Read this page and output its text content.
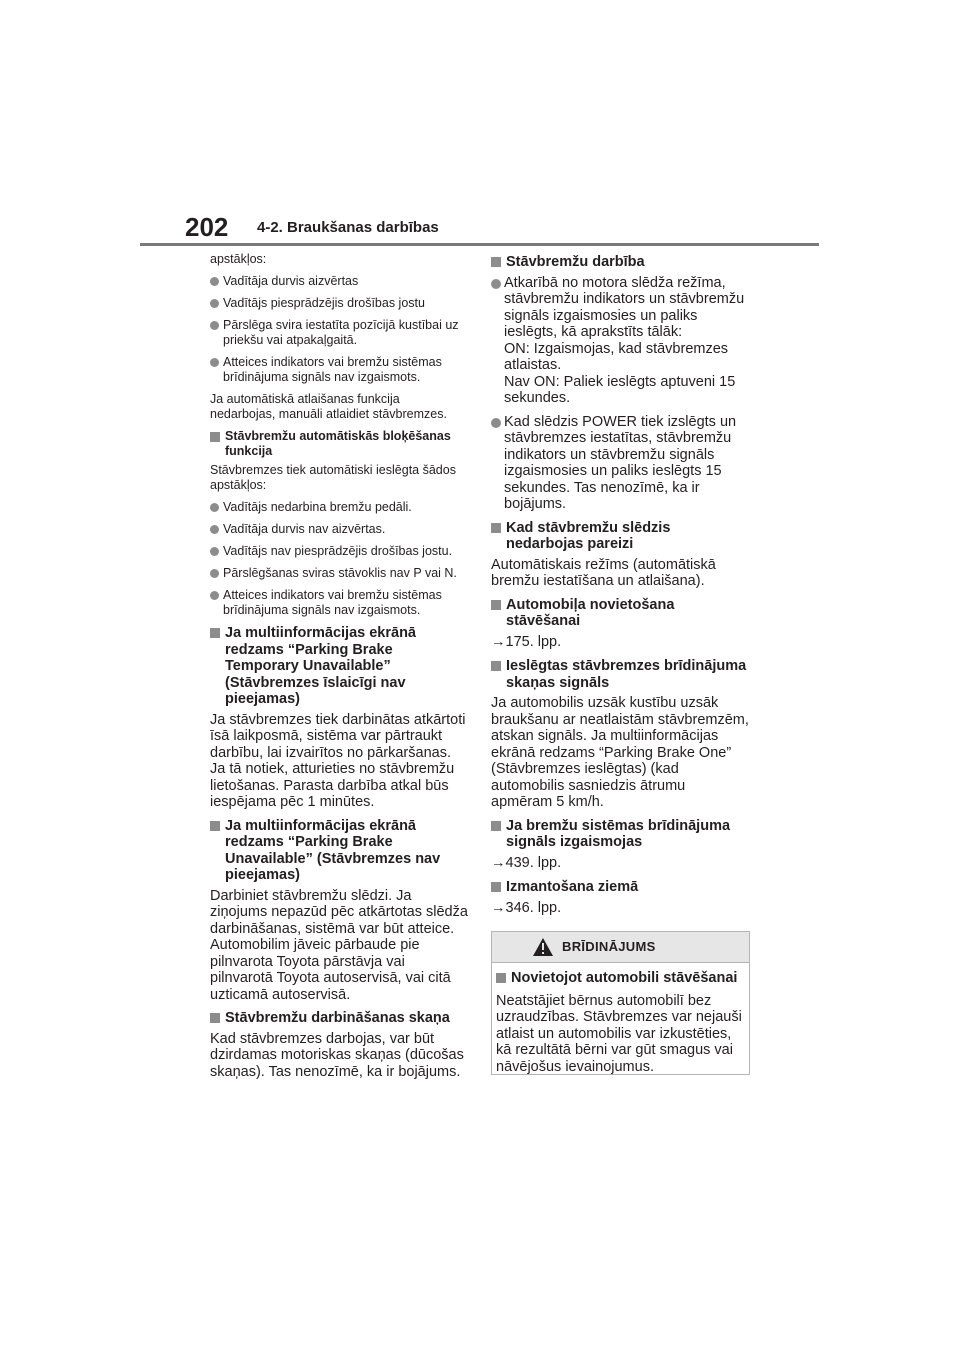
202 4-2. Braukšanas darbības

apstākļos:

Vadītāja durvis aizvērtas
Vadītājs piesprādzējis drošības jostu
Pārslēga svira iestatīta pozīcijā kustībai uz priekšu vai atpakaļgaitā.
Atteices indikators vai bremžu sistēmas brīdinājuma signāls nav izgaismots.

Ja automātiskā atlaišanas funkcija nedarbojas, manuāli atlaidiet stāvbremzes.

Stāvbremžu automātiskās bloķēšanas funkcija

Stāvbremzes tiek automātiski ieslēgta šādos apstākļos:

Vadītājs nedarbina bremžu pedāli.
Vadītāja durvis nav aizvērtas.
Vadītājs nav piesprādzējis drošības jostu.
Pārslēgšanas sviras stāvoklis nav P vai N.
Atteices indikators vai bremžu sistēmas brīdinājuma signāls nav izgaismots.
Ja multiinformācijas ekrānā redzams “Parking Brake Temporary Unavailable” (Stāvbremzes īslaicīgi nav pieejamas)

Ja stāvbremzes tiek darbinātas atkārtoti īsā laikposmā, sistēma var pārtraukt darbību, lai izvairītos no pārkaršanas. Ja tā notiek, atturieties no stāvbremžu lietošanas. Parasta darbība atkal būs iespējama pēc 1 minūtes.

Ja multiinformācijas ekrānā redzams “Parking Brake Unavailable” (Stāvbremzes nav pieejamas)

Darbiniet stāvbremžu slēdzi. Ja ziņojums nepazūd pēc atkārtotas slēdža darbināšanas, sistēmā var būt atteice. Automobilim jāveic pārbaude pie pilnvarota Toyota pārstāvja vai pilnvarotā Toyota autoservisā, vai citā uzticamā autoservisā.

Stāvbremžu darbināšanas skaņa

Kad stāvbremzes darbojas, var būt dzirdamas motoriskas skaņas (dūcošas skaņas). Tas nenozīmē, ka ir bojājums.

Stāvbremžu darbība
Atkarībā no motora slēdža režīma, stāvbremžu indikators un stāvbremžu signāls izgaismosies un paliks ieslēgts, kā aprakstīts tālāk:
ON: Izgaismojas, kad stāvbremzes atlaistas.
Nav ON: Paliek ieslēgts aptuveni 15 sekundes.
Kad slēdzis POWER tiek izslēgts un stāvbremzes iestatītas, stāvbremžu indikators un stāvbremžu signāls izgaismosies un paliks ieslēgts 15 sekundes. Tas nenozīmē, ka ir bojājums.
Kad stāvbremžu slēdzis nedarbojas pareizi

Automātiskais režīms (automātiskā bremžu iestatīšana un atlaišana).

Automobiļa novietošana stāvēšanai

→175. lpp.

Ieslēgtas stāvbremzes brīdinājuma skaņas signāls

Ja automobilis uzsāk kustību uzsāk braukšanu ar neatlaistām stāvbremzēm, atskan signāls. Ja multiinformācijas ekrānā redzams “Parking Brake One” (Stāvbremzes ieslēgtas) (kad automobilis sasniedzis ātrumu apmēram 5 km/h.

Ja bremžu sistēmas brīdinājuma signāls izgaismojas

→439. lpp.

Izmantošana ziemā

→346. lpp.

BRĪDINĀJUMS
Novietojot automobili stāvēšanai

Neatstājiet bērnus automobilī bez uzraudzības. Stāvbremzes var nejauši atlaist un automobilis var izkustēties, kā rezultātā bērni var gūt smagus vai nāvējošus ievainojumus.
